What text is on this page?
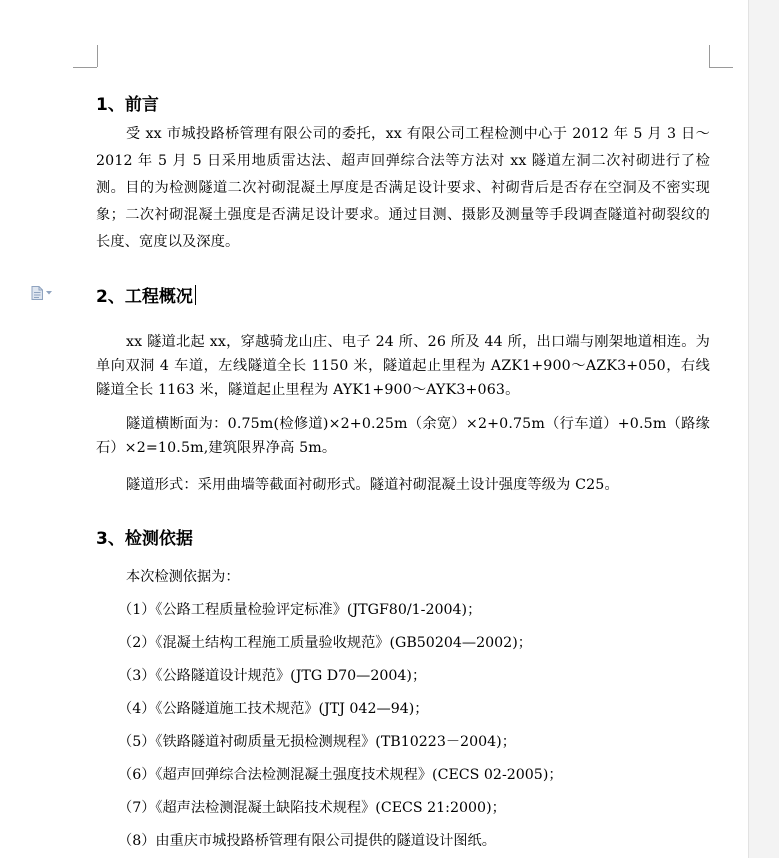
1、前言
受 xx 市城投路桥管理有限公司的委托，xx 有限公司工程检测中心于 2012 年 5 月 3 日～2012 年 5 月 5 日采用地质雷达法、超声回弹综合法等方法对 xx 隧道左洞二次衬砌进行了检测。目的为检测隧道二次衬砌混凝土厚度是否满足设计要求、衬砌背后是否存在空洞及不密实现象；二次衬砌混凝土强度是否满足设计要求。通过目测、摄影及测量等手段调查隧道衬砌裂纹的长度、宽度以及深度。
2、工程概况
xx 隧道北起 xx，穿越骑龙山庄、电子 24 所、26 所及 44 所，出口端与刚架地道相连。为单向双洞 4 车道，左线隧道全长 1150 米，隧道起止里程为 AZK1+900～AZK3+050，右线隧道全长 1163 米，隧道起止里程为 AYK1+900～AYK3+063。
隧道横断面为：0.75m(检修道)×2+0.25m（余宽）×2+0.75m（行车道）+0.5m（路缘石）×2=10.5m,建筑限界净高 5m。
隧道形式：采用曲墙等截面衬砌形式。隧道衬砌混凝土设计强度等级为 C25。
3、检测依据
本次检测依据为：
（1）《公路工程质量检验评定标准》(JTGF80/1-2004)；
（2）《混凝土结构工程施工质量验收规范》(GB50204—2002)；
（3）《公路隧道设计规范》(JTG D70—2004)；
（4）《公路隧道施工技术规范》(JTJ 042—94)；
（5）《铁路隧道衬砌质量无损检测规程》(TB10223－2004)；
（6）《超声回弹综合法检测混凝土强度技术规程》(CECS 02-2005)；
（7）《超声法检测混凝土缺陷技术规程》(CECS 21:2000)；
（8）由重庆市城投路桥管理有限公司提供的隧道设计图纸。
